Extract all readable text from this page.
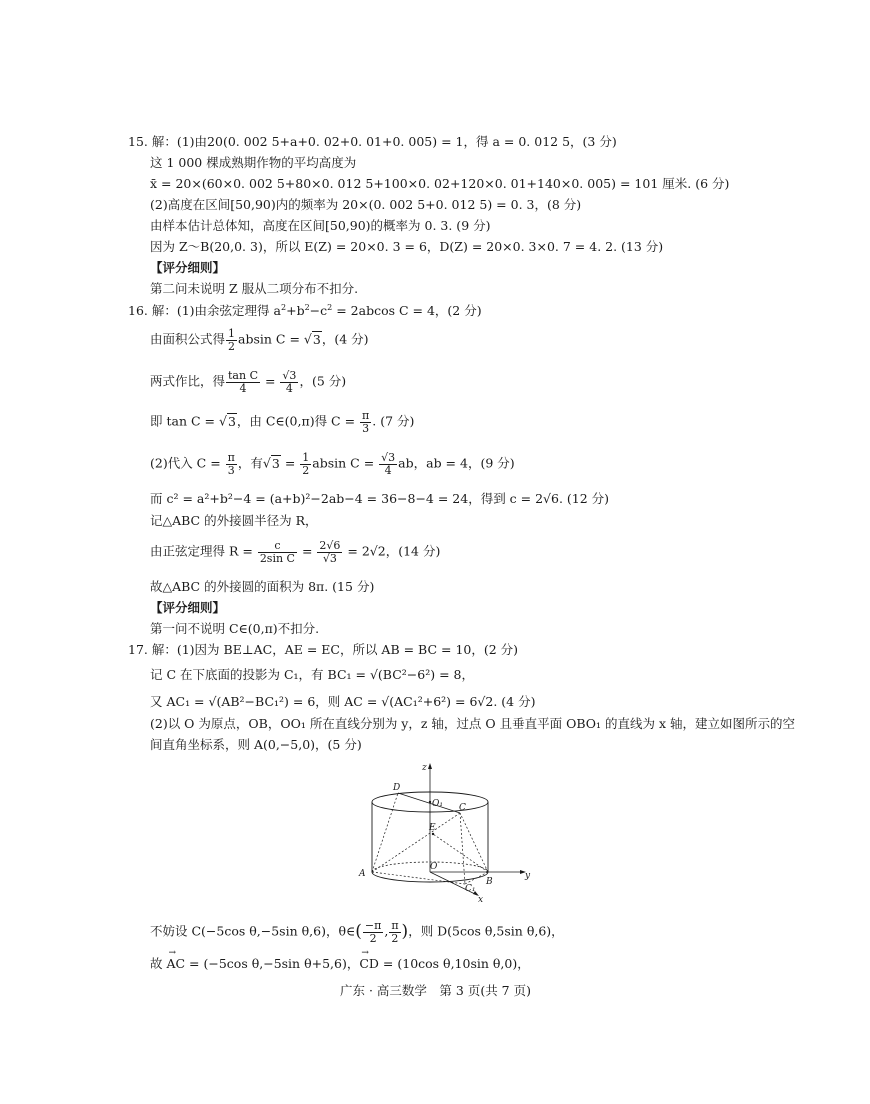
15. 解：(1)由20(0. 002 5+a+0. 02+0. 01+0. 005) = 1，得 a = 0. 012 5，(3 分)
这 1 000 棵成熟期作物的平均高度为
x̄ = 20×(60×0. 002 5+80×0. 012 5+100×0. 02+120×0. 01+140×0. 005) = 101 厘米. (6 分)
(2)高度在区间[50,90)内的频率为 20×(0. 002 5+0. 012 5) = 0. 3，(8 分)
由样本估计总体知，高度在区间[50,90)的概率为 0. 3. (9 分)
因为 Z～B(20,0. 3)，所以 E(Z) = 20×0. 3 = 6，D(Z) = 20×0. 3×0. 7 = 4. 2. (13 分)
【评分细则】
第二问未说明 Z 服从二项分布不扣分.
16. 解：(1)由余弦定理得 $a^2+b^2-c^2 = 2abcos$ C = 4，(2 分)
由面积公式得 $\frac{1}{2}$ absin C = √3，(4 分)
两式作比，得 $\frac{\text{tan C}}{4} = \frac{√3}{4}$ ，(5 分)
即 tan C = √3，由 C∈(0,π)得 $C = \frac{\pi}{3}$ . (7 分)
(2)代入 $C = \frac{\pi}{3}$ ，有$√3 = \frac{1}{2}$ absin $C = \frac{√3}{4}$ ab，ab = 4，(9 分)
而 c² = a²+b²−4 = (a+b)²−2ab−4 = 36−8−4 = 24，得到 c = 2√6. (12 分)
记△ABC 的外接圆半径为 R，
由正弦定理得 $R = \frac{c}{\text{2sin C}} = \frac{2√6}{√3} = 2√2$，(14 分)
故△ABC 的外接圆的面积为 8π. (15 分)
【评分细则】
第一问不说明 C∈(0,π)不扣分.
17. 解：(1)因为 BE⊥AC，AE = EC，所以 AB = BC = 10，(2 分)
记 C 在下底面的投影为 C₁，有 BC₁ = √(BC²−6²) = 8，
又 AC₁ = √(AB²−BC₁²) = 6，则 AC = √(AC₁²+6²) = 6√2. (4 分)
(2)以 O 为原点，OB，OO₁ 所在直线分别为 y，z 轴，过点 O 且垂直平面 OBO₁ 的直线为 x 轴，建立如图所示的空
间直角坐标系，则 A(0,−5,0)，(5 分)
z
D
O₁ C
E
A
O
B
y
C₁
x
不妨设 C(−5cos θ,−5sin θ,6)，θ∈( $\frac{-\pi}{2}$ , $\frac{\pi}{2}$ )，则 D(5cos θ,5sin θ,6)，
故 → AC = (−5cos θ,−5sin θ+5,6)，→ CD = (10cos θ,10sin θ,0)，
广东 · 高三数学　第 3 页(共 7 页)
